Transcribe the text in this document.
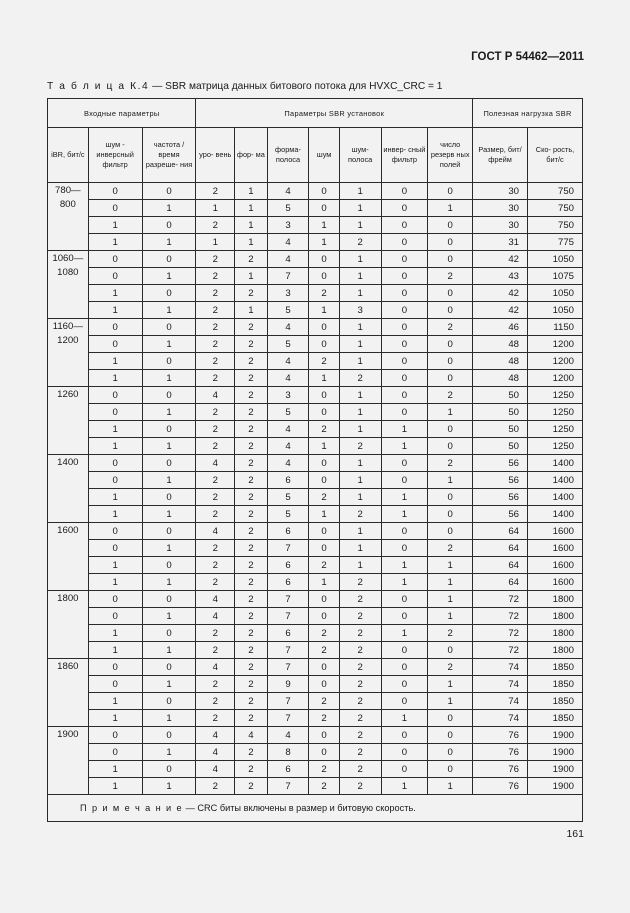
ГОСТ Р 54462—2011
Т а б л и ц а К.4 — SBR матрица данных битового потока для HVXC_CRC = 1
Входные параметры			Параметры SBR установок							Полезная нагрузка SBR	
iBR, бит/с	шум - инверсный фильтр	частота / время разреше- ния	уро- вень	фор- ма	форма- полоса	шум	шум- полоса	инвер- сный фильтр	число резерв ных полей	Размер, бит/фрейм	Ско- рость, бит/с
780— 800	0	0	2	1	4	0	1	0	0	30	750
	0	1	1	1	5	0	1	0	1	30	750
	1	0	2	1	3	1	1	0	0	30	750
	1	1	1	1	4	1	2	0	0	31	775
1060— 1080	0	0	2	2	4	0	1	0	0	42	1050
	0	1	2	1	7	0	1	0	2	43	1075
	1	0	2	2	3	2	1	0	0	42	1050
	1	1	2	1	5	1	3	0	0	42	1050
1160— 1200	0	0	2	2	4	0	1	0	2	46	1150
	0	1	2	2	5	0	1	0	0	48	1200
	1	0	2	2	4	2	1	0	0	48	1200
	1	1	2	2	4	1	2	0	0	48	1200
1260	0	0	4	2	3	0	1	0	2	50	1250
	0	1	2	2	5	0	1	0	1	50	1250
	1	0	2	2	4	2	1	1	0	50	1250
	1	1	2	2	4	1	2	1	0	50	1250
1400	0	0	4	2	4	0	1	0	2	56	1400
	0	1	2	2	6	0	1	0	1	56	1400
	1	0	2	2	5	2	1	1	0	56	1400
	1	1	2	2	5	1	2	1	0	56	1400
1600	0	0	4	2	6	0	1	0	0	64	1600
	0	1	2	2	7	0	1	0	2	64	1600
	1	0	2	2	6	2	1	1	1	64	1600
	1	1	2	2	6	1	2	1	1	64	1600
1800	0	0	4	2	7	0	2	0	1	72	1800
	0	1	4	2	7	0	2	0	1	72	1800
	1	0	2	2	6	2	2	1	2	72	1800
	1	1	2	2	7	2	2	0	0	72	1800
1860	0	0	4	2	7	0	2	0	2	74	1850
	0	1	2	2	9	0	2	0	1	74	1850
	1	0	2	2	7	2	2	0	1	74	1850
	1	1	2	2	7	2	2	1	0	74	1850
1900	0	0	4	4	4	0	2	0	0	76	1900
	0	1	4	2	8	0	2	0	0	76	1900
	1	0	4	2	6	2	2	0	0	76	1900
	1	1	2	2	7	2	2	1	1	76	1900
П р и м е ч а н и е — CRC биты включены в размер и битовую скорость.											
161
